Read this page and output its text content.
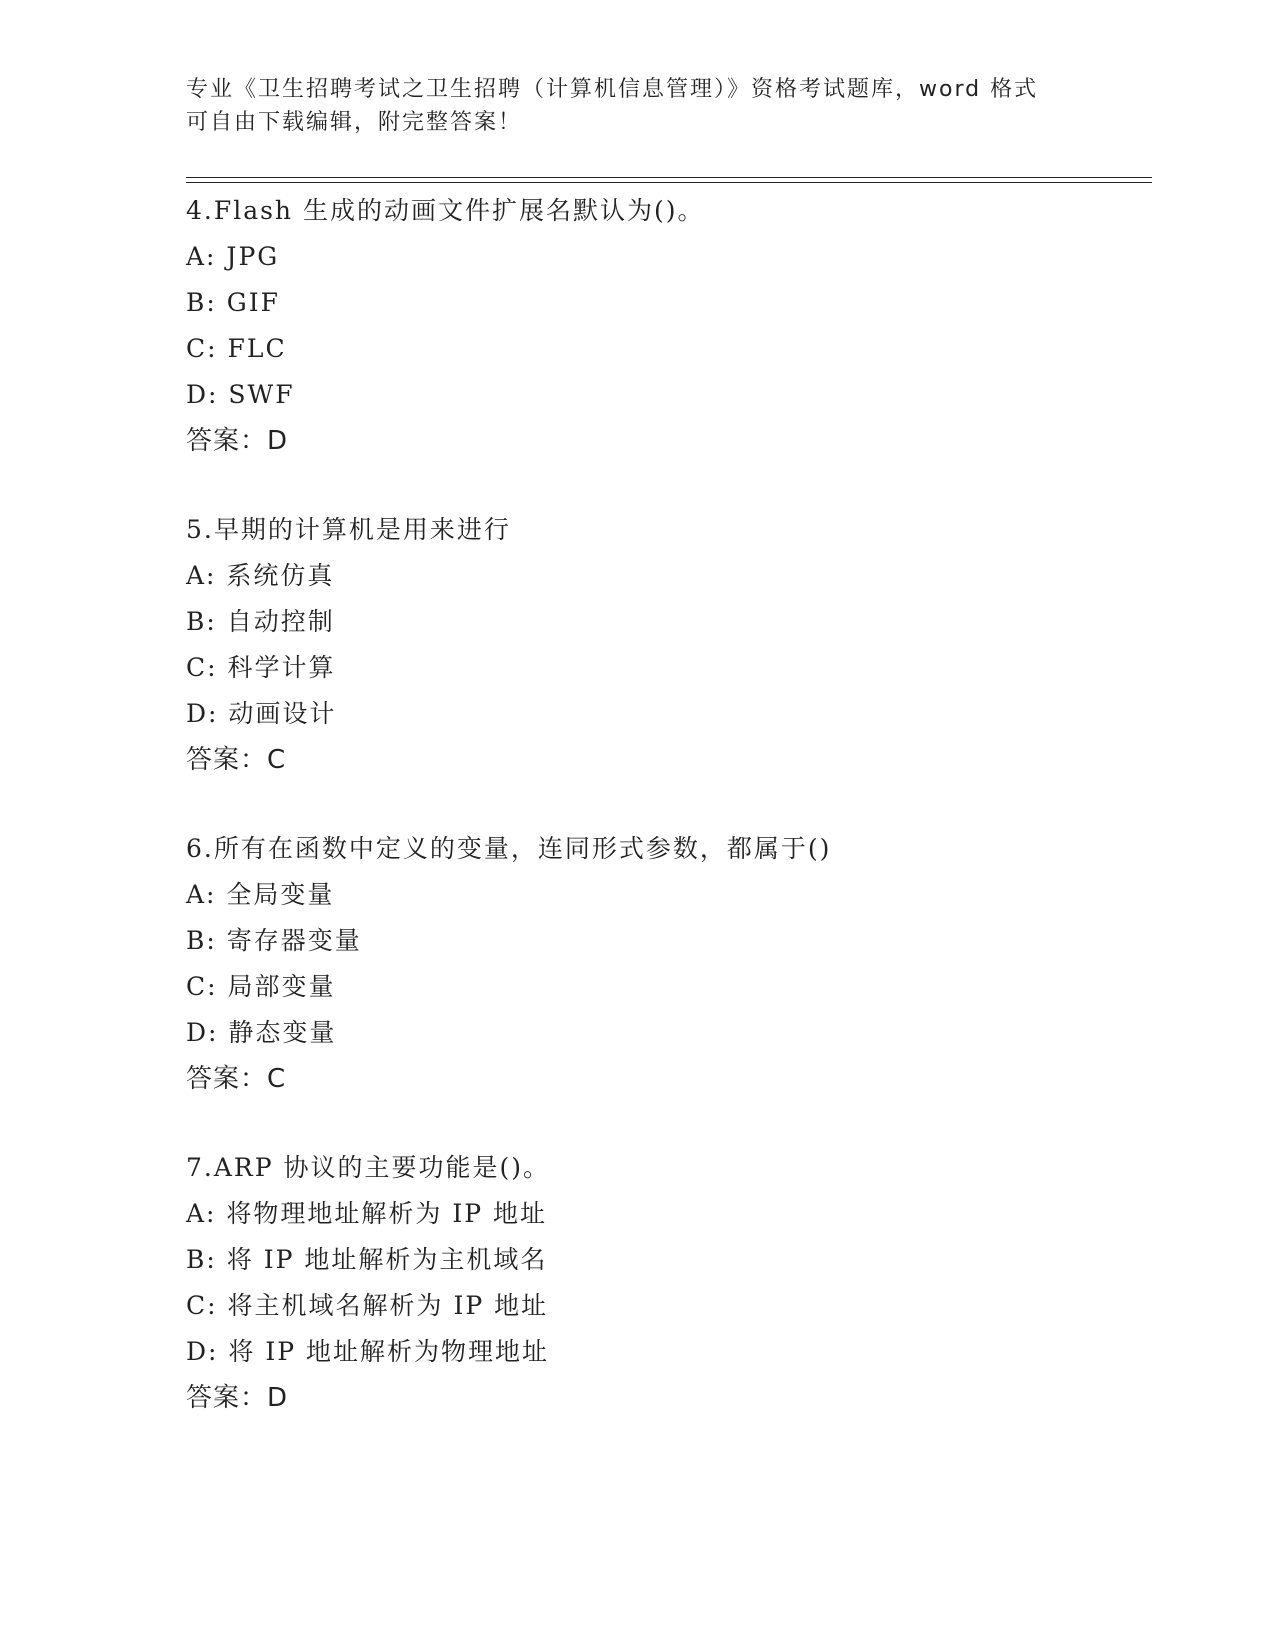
专业《卫生招聘考试之卫生招聘（计算机信息管理）》资格考试题库，word 格式
可自由下载编辑，附完整答案！
4.Flash 生成的动画文件扩展名默认为()。
A: JPG
B: GIF
C: FLC
D: SWF
答案：D
5.早期的计算机是用来进行
A: 系统仿真
B: 自动控制
C: 科学计算
D: 动画设计
答案：C
6.所有在函数中定义的变量，连同形式参数，都属于()
A: 全局变量
B: 寄存器变量
C: 局部变量
D: 静态变量
答案：C
7.ARP 协议的主要功能是()。
A: 将物理地址解析为 IP 地址
B: 将 IP 地址解析为主机域名
C: 将主机域名解析为 IP 地址
D: 将 IP 地址解析为物理地址
答案：D
